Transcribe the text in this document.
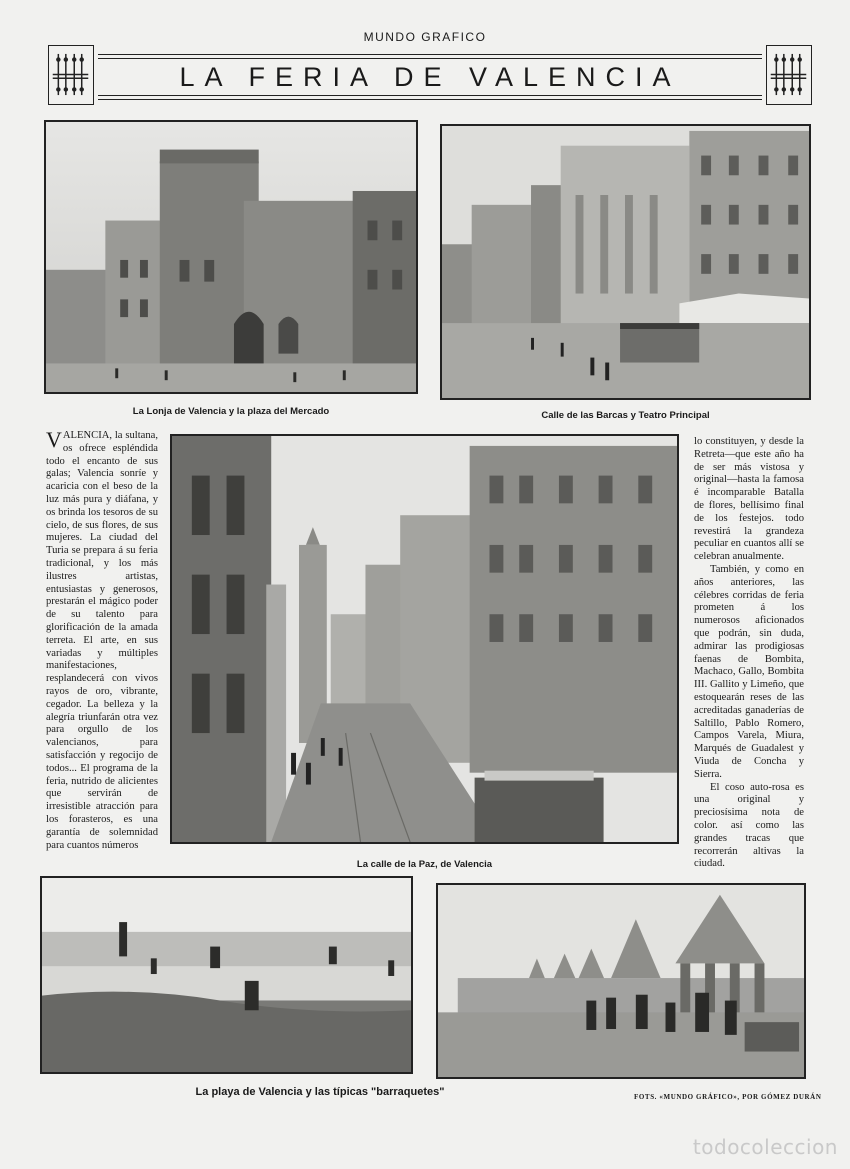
MUNDO GRAFICO
LA FERIA DE VALENCIA
La Lonja de Valencia y la plaza del Mercado	Calle de las Barcas y Teatro Principal

VALENCIA, la sultana, os ofrece espléndida todo el encanto de sus galas; Valencia sonríe y acaricia con el beso de la luz más pura y diáfana, y os brinda los tesoros de su cielo, de sus flores, de sus mujeres. La ciudad del Turia se prepara á su feria tradicional, y los más ilustres artistas, entusiastas y generosos, prestarán el mágico poder de su talento para glorificación de la amada terreta. El arte, en sus variadas y múltiples manifestaciones, resplandecerá con vivos rayos de oro, vibrante, cegador. La belleza y la alegría triunfarán otra vez para orgullo de los valencianos, para satisfacción y regocijo de todos... El programa de la feria, nutrido de alicientes que servirán de irresistible atracción para los forasteros, es una garantía de solemnidad para cuantos números

La calle de la Paz, de Valencia

lo constituyen, y desde la Retreta—que este año ha de ser más vistosa y original—hasta la famosa é incomparable Batalla de flores, bellísimo final de los festejos. todo revestirá la grandeza peculiar en cuantos allí se celebran anualmente.

También, y como en años anteriores, las célebres corridas de feria prometen á los numerosos aficionados que podrán, sin duda, admirar las prodigiosas faenas de Bombita, Machaco, Gallo, Bombita III. Gallito y Limeño, que estoquearán reses de las acreditadas ganaderías de Saltillo, Pablo Romero, Campos Varela, Miura, Marqués de Guadalest y Viuda de Concha y Sierra.

El coso auto-rosa es una original y preciosísima nota de color. así como las grandes tracas que recorrerán altivas la ciudad.

La playa de Valencia y las típicas "barraquetes"	FOTS. «MUNDO GRÁFICO», POR GÓMEZ DURÁN
todocoleccion
